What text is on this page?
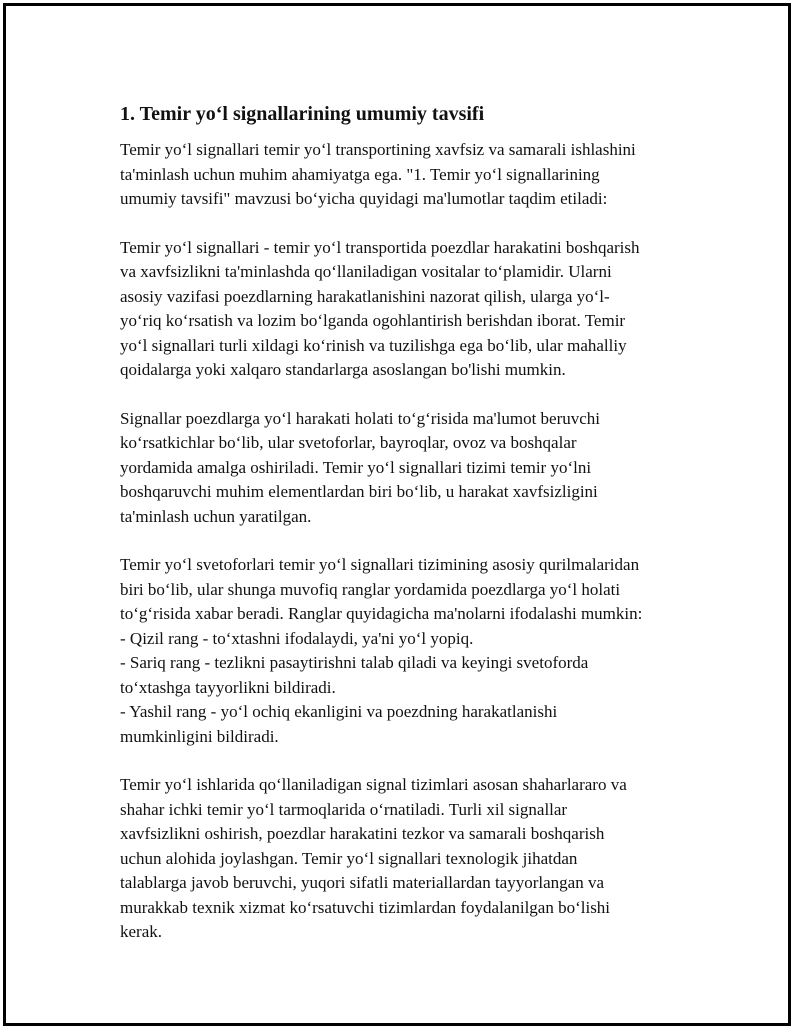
1. Temir yo‘l signallarining umumiy tavsifi

Temir yo‘l signallari temir yo‘l transportining xavfsiz va samarali ishlashini
ta'minlash uchun muhim ahamiyatga ega. "1. Temir yo‘l signallarining
umumiy tavsifi" mavzusi bo‘yicha quyidagi ma'lumotlar taqdim etiladi:

Temir yo‘l signallari - temir yo‘l transportida poezdlar harakatini boshqarish
va xavfsizlikni ta'minlashda qo‘llaniladigan vositalar to‘plamidir. Ularni
asosiy vazifasi poezdlarning harakatlanishini nazorat qilish, ularga yo‘l-
yo‘riq ko‘rsatish va lozim bo‘lganda ogohlantirish berishdan iborat. Temir
yo‘l signallari turli xildagi ko‘rinish va tuzilishga ega bo‘lib, ular mahalliy
qoidalarga yoki xalqaro standarlarga asoslangan bo'lishi mumkin.

Signallar poezdlarga yo‘l harakati holati to‘g‘risida ma'lumot beruvchi
ko‘rsatkichlar bo‘lib, ular svetoforlar, bayroqlar, ovoz va boshqalar
yordamida amalga oshiriladi. Temir yo‘l signallari tizimi temir yo‘lni
boshqaruvchi muhim elementlardan biri bo‘lib, u harakat xavfsizligini
ta'minlash uchun yaratilgan.

Temir yo‘l svetoforlari temir yo‘l signallari tizimining asosiy qurilmalaridan
biri bo‘lib, ular shunga muvofiq ranglar yordamida poezdlarga yo‘l holati
to‘g‘risida xabar beradi. Ranglar quyidagicha ma'nolarni ifodalashi mumkin:
- Qizil rang - to‘xtashni ifodalaydi, ya'ni yo‘l yopiq.
- Sariq rang - tezlikni pasaytirishni talab qiladi va keyingi svetoforda
to‘xtashga tayyorlikni bildiradi.
- Yashil rang - yo‘l ochiq ekanligini va poezdning harakatlanishi
mumkinligini bildiradi.

Temir yo‘l ishlarida qo‘llaniladigan signal tizimlari asosan shaharlararo va
shahar ichki temir yo‘l tarmoqlarida o‘rnatiladi. Turli xil signallar
xavfsizlikni oshirish, poezdlar harakatini tezkor va samarali boshqarish
uchun alohida joylashgan. Temir yo‘l signallari texnologik jihatdan
talablarga javob beruvchi, yuqori sifatli materiallardan tayyorlangan va
murakkab texnik xizmat ko‘rsatuvchi tizimlardan foydalanilgan bo‘lishi
kerak.
